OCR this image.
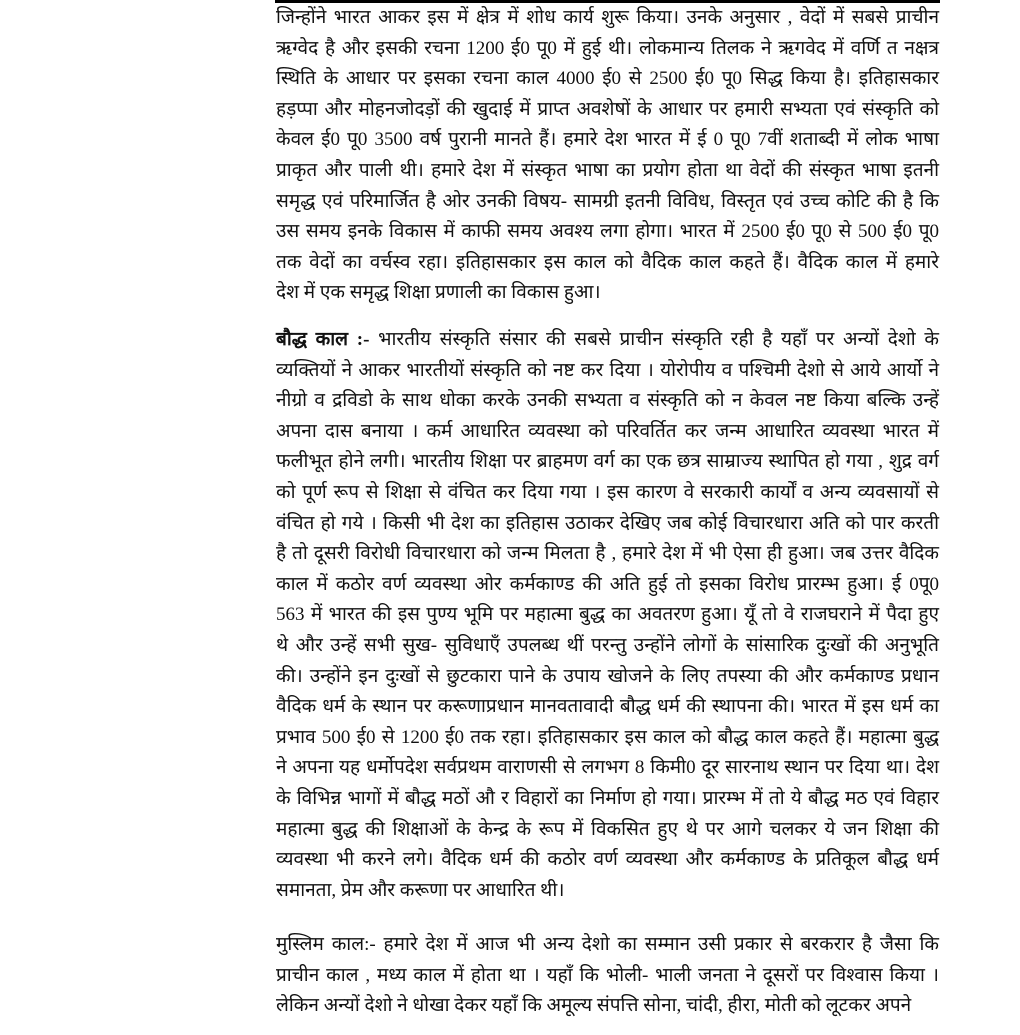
जिन्होंने भारत आकर इस में क्षेत्र में शोध कार्य शुरू किया। उनके अनुसार , वेदों में सबसे प्राचीन
ऋग्वेद है और इसकी रचना 1200 ई0 पू0 में हुई थी। लोकमान्य तिलक ने ऋगवेद में वर्णि त नक्षत्र
स्थिति के आधार पर इसका रचना काल 4000 ई0 से 2500 ई0 पू0 सिद्ध किया है। इतिहासकार
हड़प्पा और मोहनजोदड़ों की खुदाई में प्राप्त अवशेषों के आधार पर हमारी सभ्यता एवं संस्कृति को
केवल ई0 पू0 3500 वर्ष पुरानी मानते हैं। हमारे देश भारत में ई 0 पू0 7वीं शताब्दी में लोक भाषा
प्राकृत और पाली थी। हमारे देश में संस्कृत भाषा का प्रयोग होता था वेदों की संस्कृत भाषा इतनी
समृद्ध एवं परिमार्जित है ओर उनकी विषय- सामग्री इतनी विविध, विस्तृत एवं उच्च कोटि की है कि
उस समय इनके विकास में काफी समय अवश्य लगा होगा। भारत में 2500 ई0 पू0 से 500 ई0 पू0
तक वेदों का वर्चस्व रहा। इतिहासकार इस काल को वैदिक काल कहते हैं। वैदिक काल में हमारे
देश में एक समृद्ध शिक्षा प्रणाली का विकास हुआ।
बौद्ध काल :- भारतीय संस्कृति संसार की सबसे प्राचीन संस्कृति रही है यहाँ पर अन्यों देशो के
व्यक्तियों ने आकर भारतीयों संस्कृति को नष्ट कर दिया । योरोपीय व पश्चिमी देशो से आये आर्यो ने
नीग्रो व द्रविडो के साथ धोका करके उनकी सभ्यता व संस्कृति को न केवल नष्ट किया बल्कि उन्हें
अपना दास बनाया । कर्म आधारित व्यवस्था को परिवर्तित कर जन्म आधारित व्यवस्था भारत में
फलीभूत होने लगी। भारतीय शिक्षा पर ब्राहमण वर्ग का एक छत्र साम्राज्य स्थापित हो गया , शुद्र वर्ग
को पूर्ण रूप से शिक्षा से वंचित कर दिया गया । इस कारण वे सरकारी कार्यों व अन्य व्यवसायों से
वंचित हो गये । किसी भी देश का इतिहास उठाकर देखिए जब कोई विचारधारा अति को पार करती
है तो दूसरी विरोधी विचारधारा को जन्म मिलता है , हमारे देश में भी ऐसा ही हुआ। जब उत्तर वैदिक
काल में कठोर वर्ण व्यवस्था ओर कर्मकाण्ड की अति हुई तो इसका विरोध प्रारम्भ हुआ। ई 0पू0
563 में भारत की इस पुण्य भूमि पर महात्मा बुद्ध का अवतरण हुआ। यूँ तो वे राजघराने में पैदा हुए
थे और उन्हें सभी सुख- सुविधाएँ उपलब्ध थीं परन्तु उन्होंने लोगों के सांसारिक दुःखों की अनुभूति
की। उन्होंने इन दुःखों से छुटकारा पाने के उपाय खोजने के लिए तपस्या की और कर्मकाण्ड प्रधान
वैदिक धर्म के स्थान पर करूणाप्रधान मानवतावादी बौद्ध धर्म की स्थापना की। भारत में इस धर्म का
प्रभाव 500 ई0 से 1200 ई0 तक रहा। इतिहासकार इस काल को बौद्ध काल कहते हैं। महात्मा बुद्ध
ने अपना यह धर्मोपदेश सर्वप्रथम वाराणसी से लगभग 8 किमी0 दूर सारनाथ स्थान पर दिया था। देश
के विभिन्न भागों में बौद्ध मठों औ र विहारों का निर्माण हो गया। प्रारम्भ में तो ये बौद्ध मठ एवं विहार
महात्मा बुद्ध की शिक्षाओं के केन्द्र के रूप में विकसित हुए थे पर आगे चलकर ये जन शिक्षा की
व्यवस्था भी करने लगे। वैदिक धर्म की कठोर वर्ण व्यवस्था और कर्मकाण्ड के प्रतिकूल बौद्ध धर्म
समानता, प्रेम और करूणा पर आधारित थी।
मुस्लिम काल:- हमारे देश में आज भी अन्य देशो का सम्मान उसी प्रकार से बरकरार है जैसा कि
प्राचीन काल , मध्य काल में होता था । यहाँ कि भोली- भाली जनता ने दूसरों पर विश्वास किया ।
लेकिन अन्यों देशो ने धोखा देकर यहाँ कि अमूल्य संपत्ति सोना, चांदी, हीरा, मोती को लूटकर अपने
